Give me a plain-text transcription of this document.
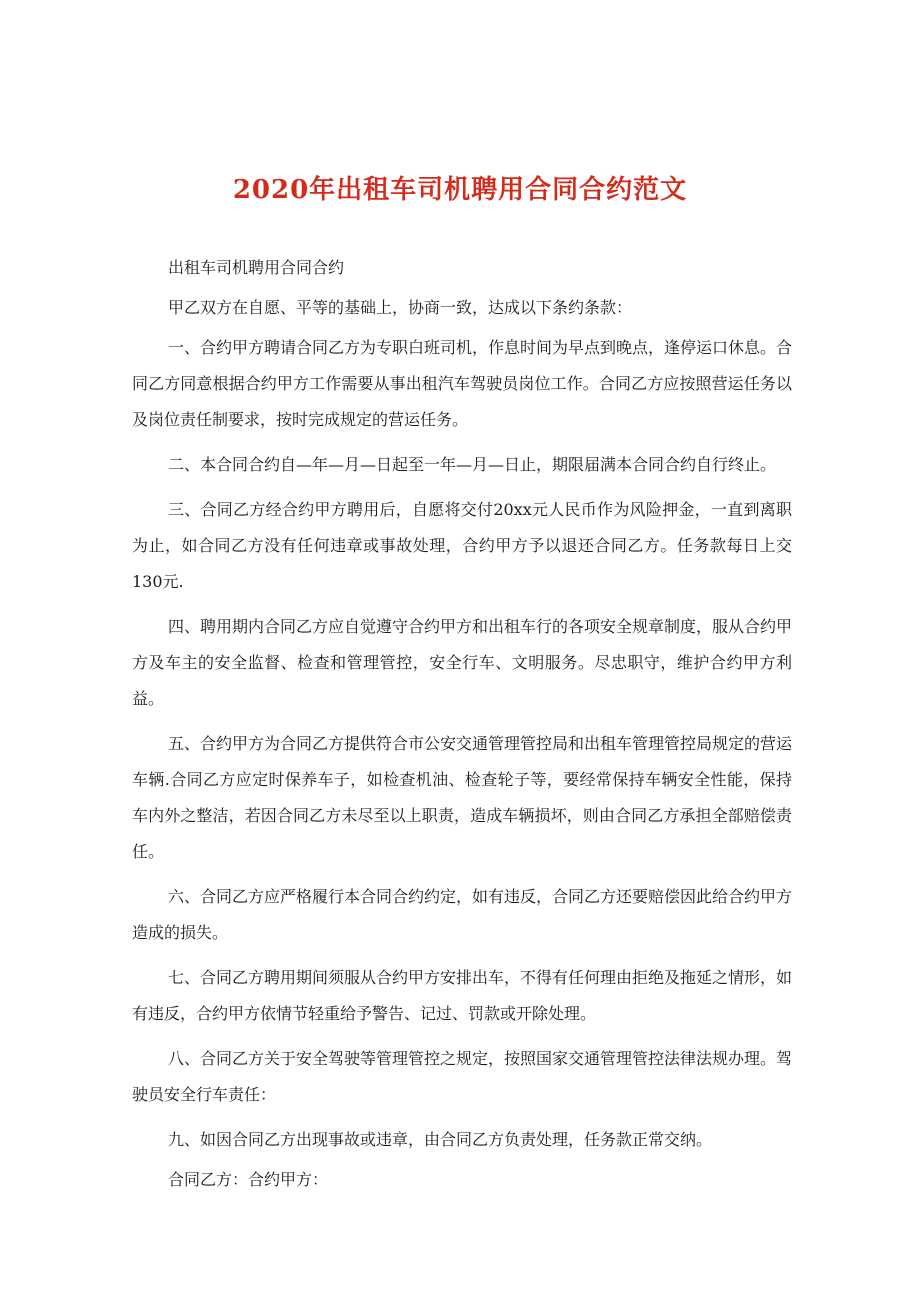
2020年出租车司机聘用合同合约范文

出租车司机聘用合同合约

甲乙双方在自愿、平等的基础上，协商一致，达成以下条约条款：

一、合约甲方聘请合同乙方为专职白班司机，作息时间为早点到晚点，逢停运口休息。合同乙方同意根据合约甲方工作需要从事出租汽车驾驶员岗位工作。合同乙方应按照营运任务以及岗位责任制要求，按时完成规定的营运任务。

二、本合同合约自—年—月—日起至一年—月—日止，期限届满本合同合约自行终止。

三、合同乙方经合约甲方聘用后，自愿将交付20xx元人民币作为风险押金，一直到离职为止，如合同乙方没有任何违章或事故处理，合约甲方予以退还合同乙方。任务款每日上交130元.

四、聘用期内合同乙方应自觉遵守合约甲方和出租车行的各项安全规章制度，服从合约甲方及车主的安全监督、检查和管理管控，安全行车、文明服务。尽忠职守，维护合约甲方利益。

五、合约甲方为合同乙方提供符合市公安交通管理管控局和出租车管理管控局规定的营运车辆.合同乙方应定时保养车子，如检查机油、检查轮子等，要经常保持车辆安全性能，保持车内外之整洁，若因合同乙方未尽至以上职责，造成车辆损坏，则由合同乙方承担全部赔偿责任。

六、合同乙方应严格履行本合同合约约定，如有违反，合同乙方还要赔偿因此给合约甲方造成的损失。

七、合同乙方聘用期间须服从合约甲方安排出车，不得有任何理由拒绝及拖延之情形，如有违反，合约甲方依情节轻重给予警告、记过、罚款或开除处理。

八、合同乙方关于安全驾驶等管理管控之规定，按照国家交通管理管控法律法规办理。驾驶员安全行车责任：

九、如因合同乙方出现事故或违章，由合同乙方负责处理，任务款正常交纳。

合同乙方：合约甲方：
